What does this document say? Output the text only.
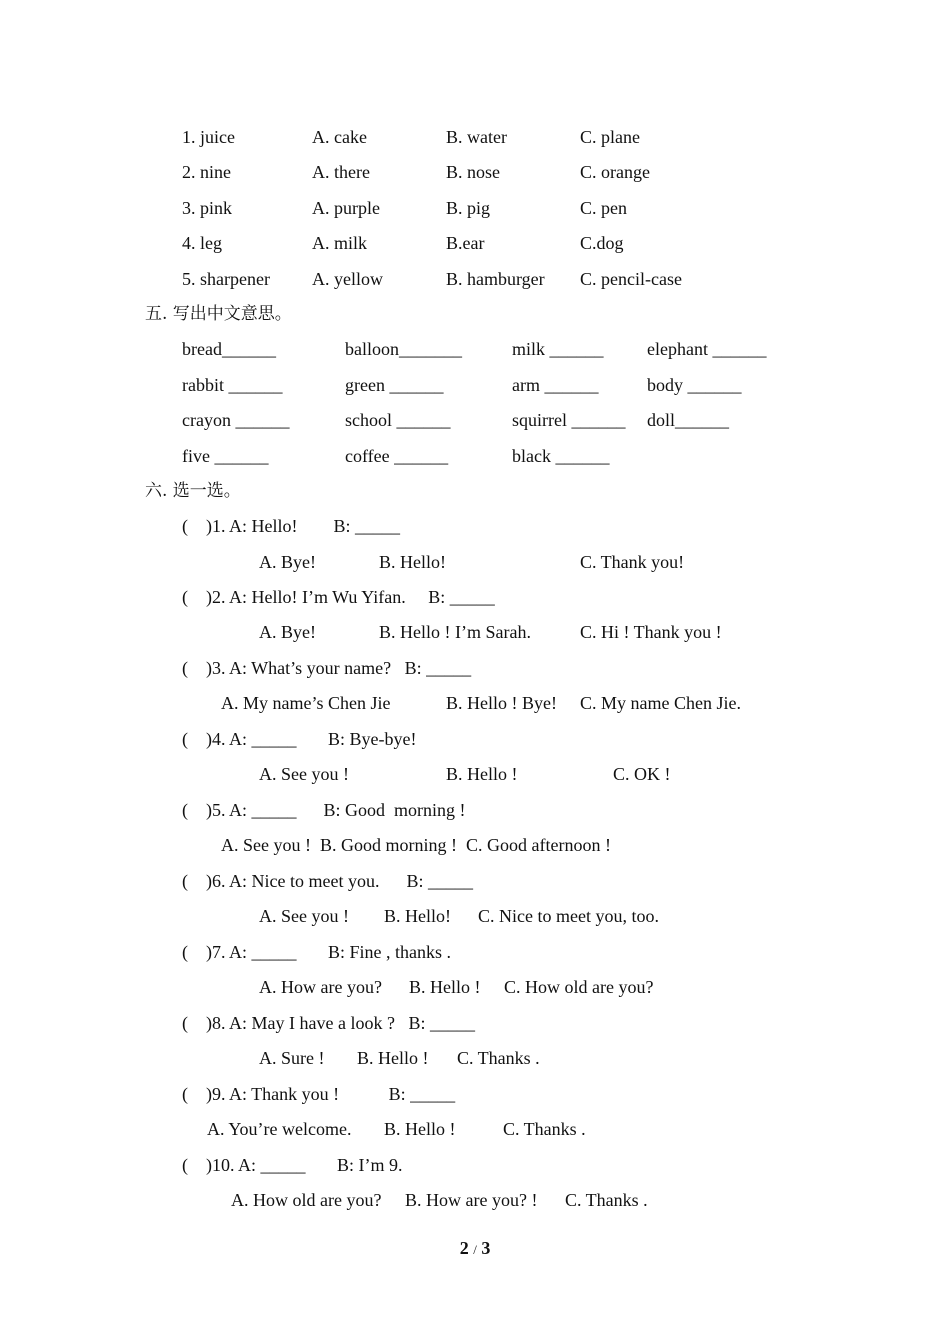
1. juice	A. cake	B. water	C. plane
2. nine	A. there	B. nose	C. orange
3. pink	A. purple	B. pig	C. pen
4. leg	A. milk	B.ear	C.dog
5. sharpener A. yellow	B. hamburger C. pencil-case
五. 写出中文意思。
bread______	balloon_______	milk ______ elephant ______
rabbit ______	green ______	arm ______	body ______
crayon ______	school ______	squirrel ______ doll______
five ______	coffee ______	black ______
六. 选一选。
(    )1. A: Hello!        B: _____
A. Bye!	B. Hello!	C. Thank you!
(    )2. A: Hello! I’m Wu Yifan.     B: _____
A. Bye!	B. Hello ! I’m Sarah.	C. Hi ! Thank you !
(    )3. A: What’s your name?   B: _____
A. My name’s Chen Jie	B. Hello ! Bye! C. My name Chen Jie.
(    )4. A: _____       B: Bye-bye!
A. See you !	B. Hello !	C. OK !
(    )5. A: _____      B: Good  morning !
A. See you !  B. Good morning !  C. Good afternoon !
(    )6. A: Nice to meet you.      B: _____
A. See you ! B. Hello! C. Nice to meet you, too.
(    )7. A: _____       B: Fine , thanks .
A. How are you? B. Hello ! C. How old are you?
(    )8. A: May I have a look ?   B: _____
A. Sure ! B. Hello ! C. Thanks .
(    )9. A: Thank you !           B: _____
A. You’re welcome. B. Hello !	C. Thanks .
(    )10. A: _____       B: I’m 9.
A. How old are you? B. How are you? ! C. Thanks .
2 / 3
